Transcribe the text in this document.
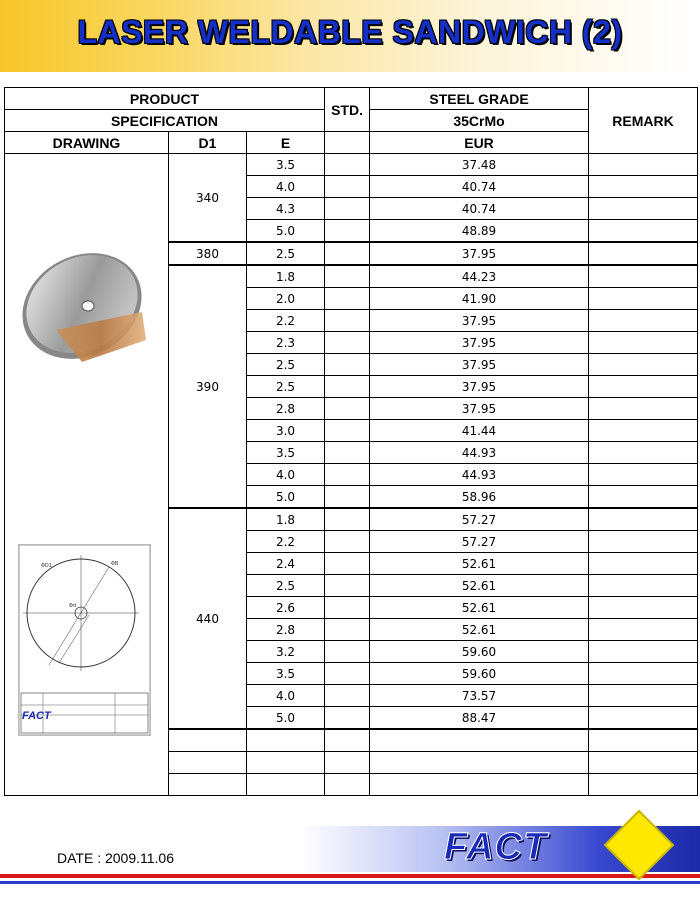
LASER WELDABLE SANDWICH (2)
PRODUCT			STD.	STEEL GRADE	REMARK
SPECIFICATION				35CrMo	
DRAWING	D1	E		EUR	
	340	3.5		37.48	
		4.0		40.74	
		4.3		40.74	
		5.0		48.89	
	380	2.5		37.95	
	390	1.8		44.23	
		2.0		41.90	
		2.2		37.95	
		2.3		37.95	
		2.5		37.95	
		2.5		37.95	
		2.8		37.95	
		3.0		41.44	
		3.5		44.93	
		4.0		44.93	
		5.0		58.96	
	440	1.8		57.27	
		2.2		57.27	
		2.4		52.61	
		2.5		52.61	
		2.6		52.61	
		2.8		52.61	
		3.2		59.60	
		3.5		59.60	
		4.0		73.57	
		5.0		88.47	

ΦD1	ΦB
Φd
FACT
DATE : 2009.11.06	FACT
